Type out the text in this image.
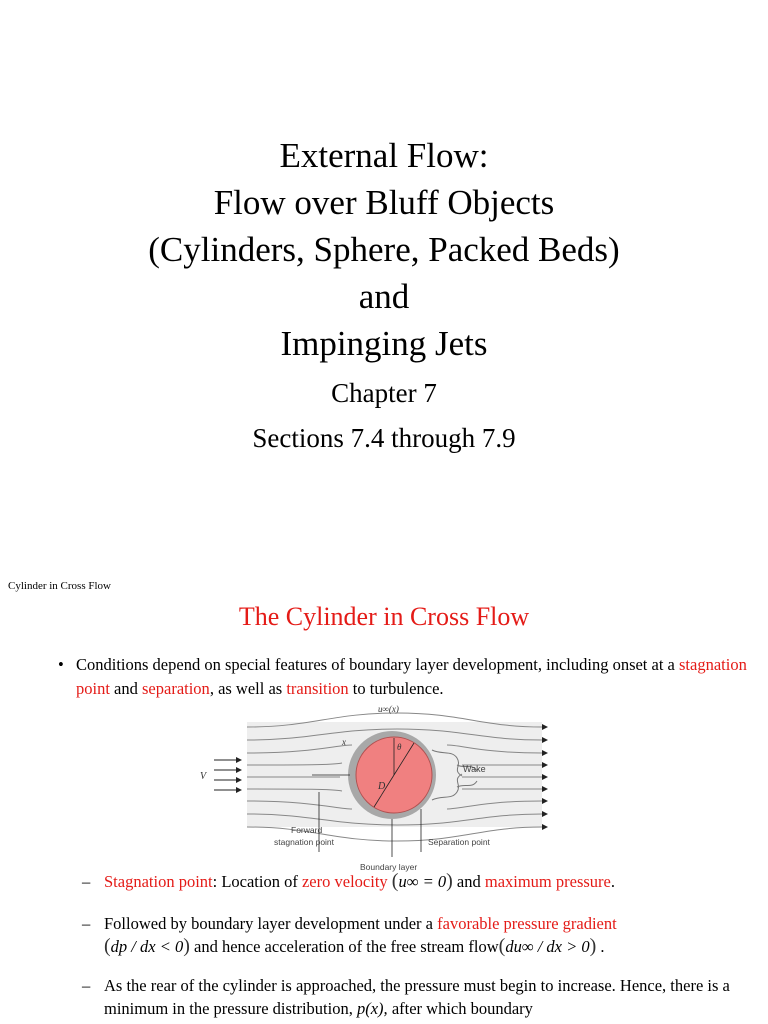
External Flow:
Flow over Bluff Objects
(Cylinders, Sphere, Packed Beds)
and
Impinging Jets
Chapter 7
Sections 7.4 through 7.9
Cylinder in Cross Flow
The Cylinder in Cross Flow
• Conditions depend on special features of boundary layer development, including onset at a stagnation point and separation, as well as transition to turbulence.
u∞(x)
x	θ
D
V
Wake
Forward
stagnation point	Separation point
Boundary layer
– Stagnation point: Location of zero velocity (u∞ = 0) and maximum pressure.
– Followed by boundary layer development under a favorable pressure gradient
(dp / dx < 0) and hence acceleration of the free stream flow(du∞ / dx > 0) .
– As the rear of the cylinder is approached, the pressure must begin to increase. Hence, there is a minimum in the pressure distribution, p(x), after which boundary
